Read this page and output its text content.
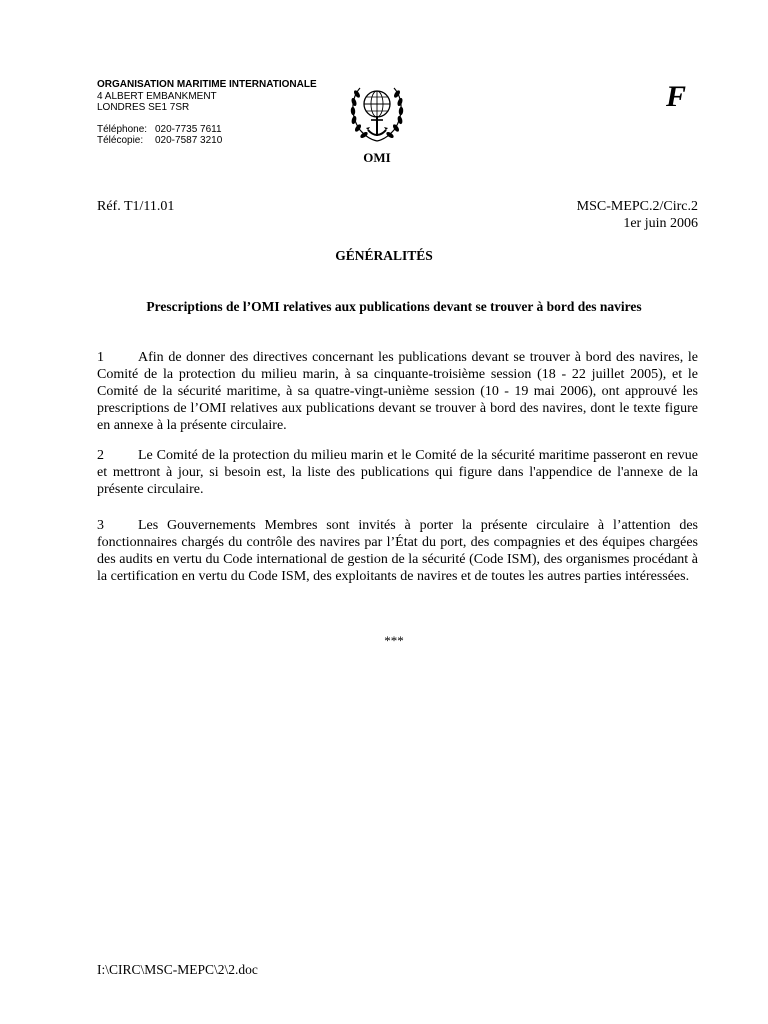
ORGANISATION MARITIME INTERNATIONALE
4 ALBERT EMBANKMENT
LONDRES SE1 7SR
Téléphone: 020-7735 7611
Télécopie: 020-7587 3210
OMI
F
Réf. T1/11.01	MSC-MEPC.2/Circ.2
1er juin 2006
GÉNÉRALITÉS
Prescriptions de l’OMI relatives aux publications devant se trouver à bord des navires

1 Afin de donner des directives concernant les publications devant se trouver à bord des navires, le Comité de la protection du milieu marin, à sa cinquante-troisième session (18 - 22 juillet 2005), et le Comité de la sécurité maritime, à sa quatre-vingt-unième session (10 - 19 mai 2006), ont approuvé les prescriptions de l’OMI relatives aux publications devant se trouver à bord des navires, dont le texte figure en annexe à la présente circulaire.

2 Le Comité de la protection du milieu marin et le Comité de la sécurité maritime passeront en revue et mettront à jour, si besoin est, la liste des publications qui figure dans l'appendice de l'annexe de la présente circulaire.

3 Les Gouvernements Membres sont invités à porter la présente circulaire à l’attention des fonctionnaires chargés du contrôle des navires par l’État du port, des compagnies et des équipes chargées des audits en vertu du Code international de gestion de la sécurité (Code ISM), des organismes procédant à la certification en vertu du Code ISM, des exploitants de navires et de toutes les autres parties intéressées.

***
I:\CIRC\MSC-MEPC\2\2.doc
